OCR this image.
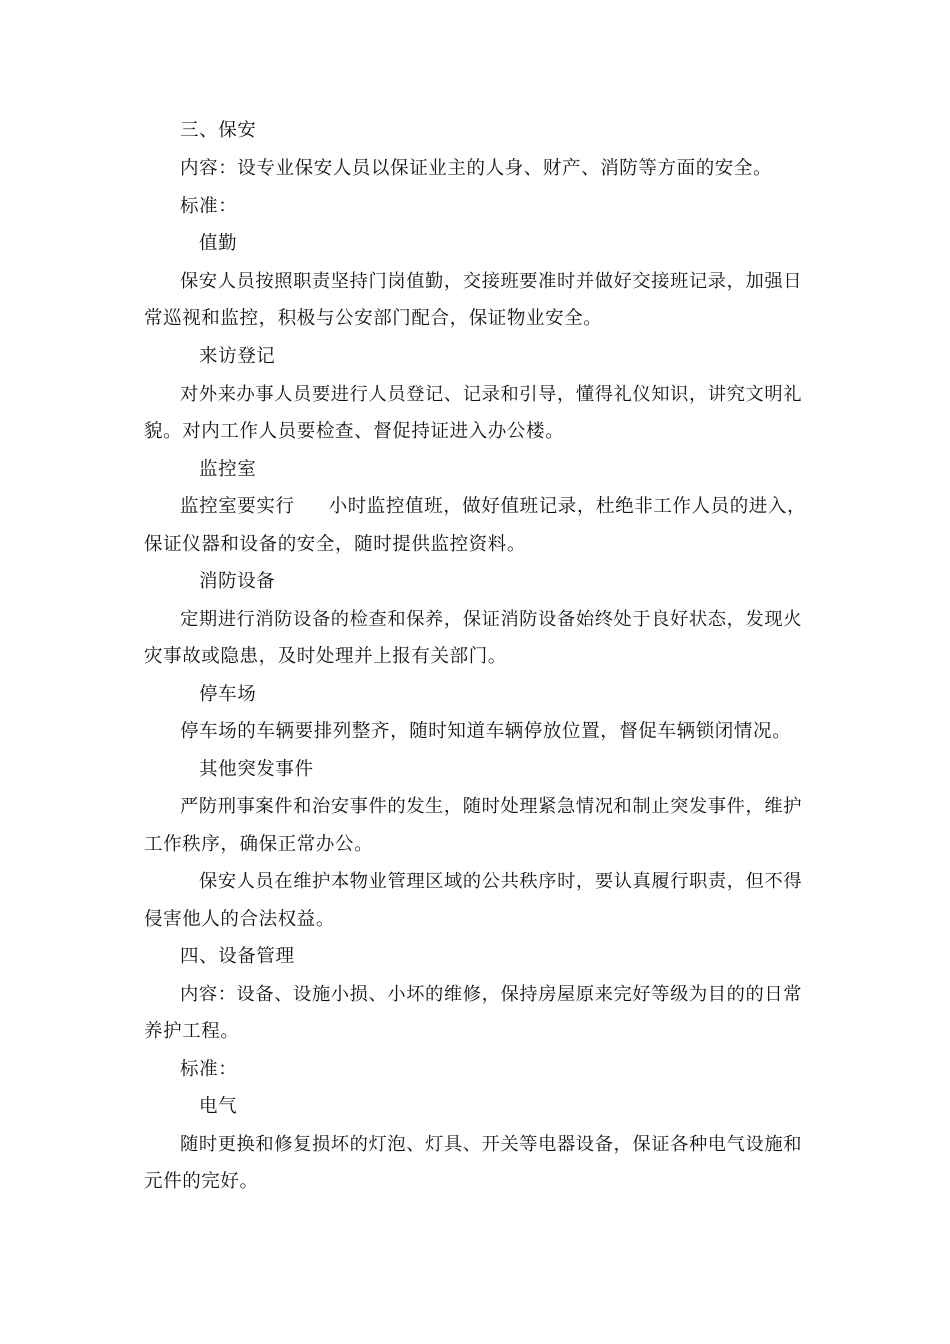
三、保安
内容：设专业保安人员以保证业主的人身、财产、消防等方面的安全。
标准：
值勤
保安人员按照职责坚持门岗值勤，交接班要准时并做好交接班记录，加强日
常巡视和监控，积极与公安部门配合，保证物业安全。
来访登记
对外来办事人员要进行人员登记、记录和引导，懂得礼仪知识，讲究文明礼
貌。对内工作人员要检查、督促持证进入办公楼。
监控室
监控室要实行 小时监控值班，做好值班记录，杜绝非工作人员的进入，
保证仪器和设备的安全，随时提供监控资料。
消防设备
定期进行消防设备的检查和保养，保证消防设备始终处于良好状态，发现火
灾事故或隐患，及时处理并上报有关部门。
停车场
停车场的车辆要排列整齐，随时知道车辆停放位置，督促车辆锁闭情况。
其他突发事件
严防刑事案件和治安事件的发生，随时处理紧急情况和制止突发事件，维护
工作秩序，确保正常办公。
保安人员在维护本物业管理区域的公共秩序时，要认真履行职责，但不得
侵害他人的合法权益。
四、设备管理
内容：设备、设施小损、小坏的维修，保持房屋原来完好等级为目的的日常
养护工程。
标准：
电气
随时更换和修复损坏的灯泡、灯具、开关等电器设备，保证各种电气设施和
元件的完好。
